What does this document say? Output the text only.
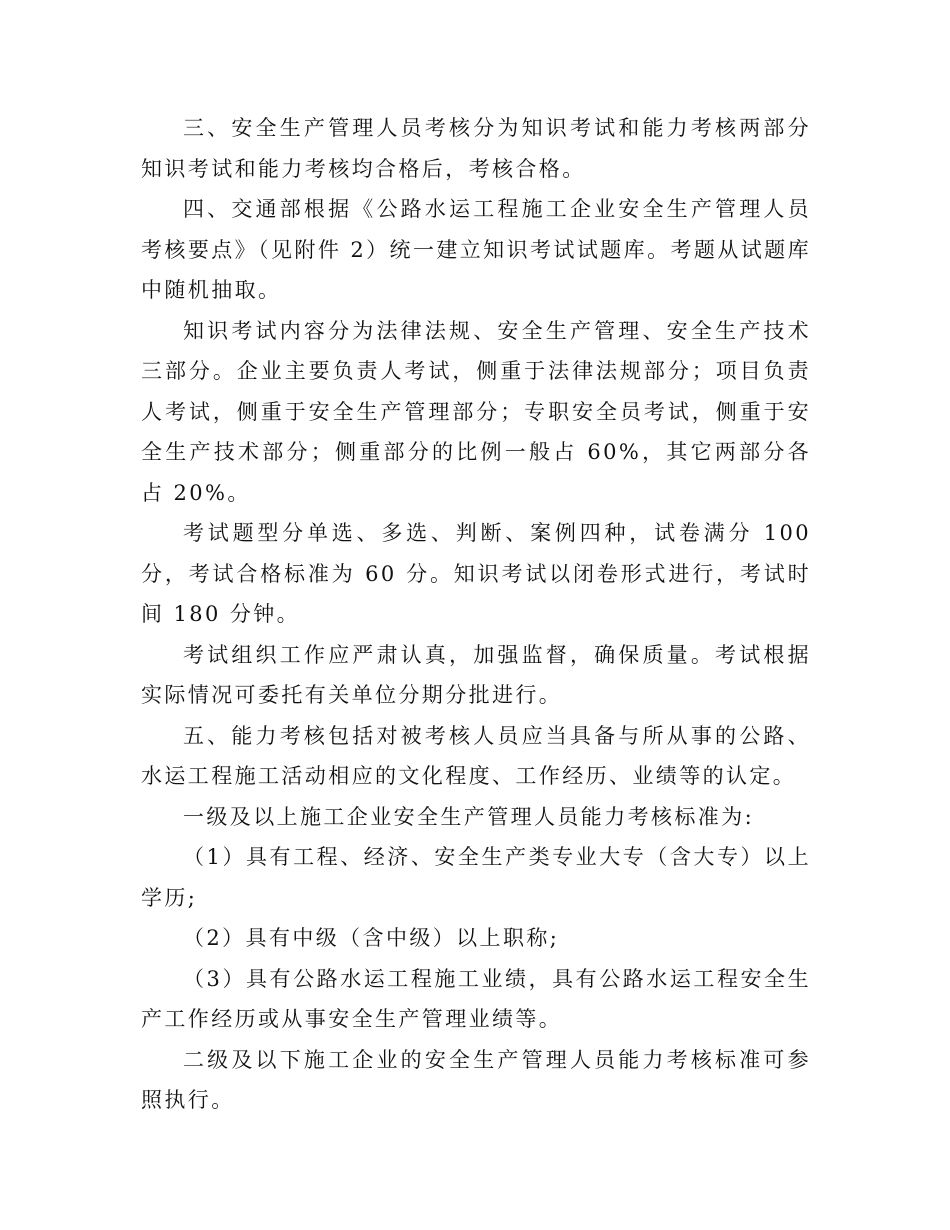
三、安全生产管理人员考核分为知识考试和能力考核两部分知识考试和能力考核均合格后，考核合格。

四、交通部根据《公路水运工程施工企业安全生产管理人员考核要点》（见附件 2）统一建立知识考试试题库。考题从试题库中随机抽取。

知识考试内容分为法律法规、安全生产管理、安全生产技术三部分。企业主要负责人考试，侧重于法律法规部分；项目负责人考试，侧重于安全生产管理部分；专职安全员考试，侧重于安全生产技术部分；侧重部分的比例一般占 60%，其它两部分各占 20%。

考试题型分单选、多选、判断、案例四种，试卷满分 100 分，考试合格标准为 60 分。知识考试以闭卷形式进行，考试时间 180 分钟。

考试组织工作应严肃认真，加强监督，确保质量。考试根据实际情况可委托有关单位分期分批进行。

五、能力考核包括对被考核人员应当具备与所从事的公路、水运工程施工活动相应的文化程度、工作经历、业绩等的认定。

一级及以上施工企业安全生产管理人员能力考核标准为:

（1）具有工程、经济、安全生产类专业大专（含大专）以上学历;

（2）具有中级（含中级）以上职称;

（3）具有公路水运工程施工业绩，具有公路水运工程安全生产工作经历或从事安全生产管理业绩等。

二级及以下施工企业的安全生产管理人员能力考核标准可参照执行。
